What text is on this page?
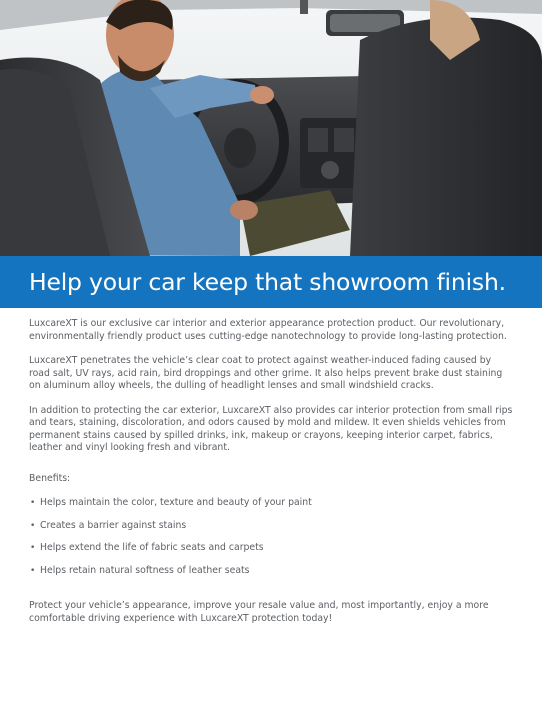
Help your car keep that showroom finish.

LuxcareXT is our exclusive car interior and exterior appearance protection product. Our revolutionary, environmentally friendly product uses cutting-edge nanotechnology to provide long-lasting protection.

LuxcareXT penetrates the vehicle’s clear coat to protect against weather-induced fading caused by road salt, UV rays, acid rain, bird droppings and other grime. It also helps prevent brake dust staining on aluminum alloy wheels, the dulling of headlight lenses and small windshield cracks.

In addition to protecting the car exterior, LuxcareXT also provides car interior protection from small rips and tears, staining, discoloration, and odors caused by mold and mildew. It even shields vehicles from permanent stains caused by spilled drinks, ink, makeup or crayons, keeping interior carpet, fabrics, leather and vinyl looking fresh and vibrant.

Benefits:

• Helps maintain the color, texture and beauty of your paint
• Creates a barrier against stains
• Helps extend the life of fabric seats and carpets
• Helps retain natural softness of leather seats

Protect your vehicle’s appearance, improve your resale value and, most importantly, enjoy a more comfortable driving experience with LuxcareXT protection today!
